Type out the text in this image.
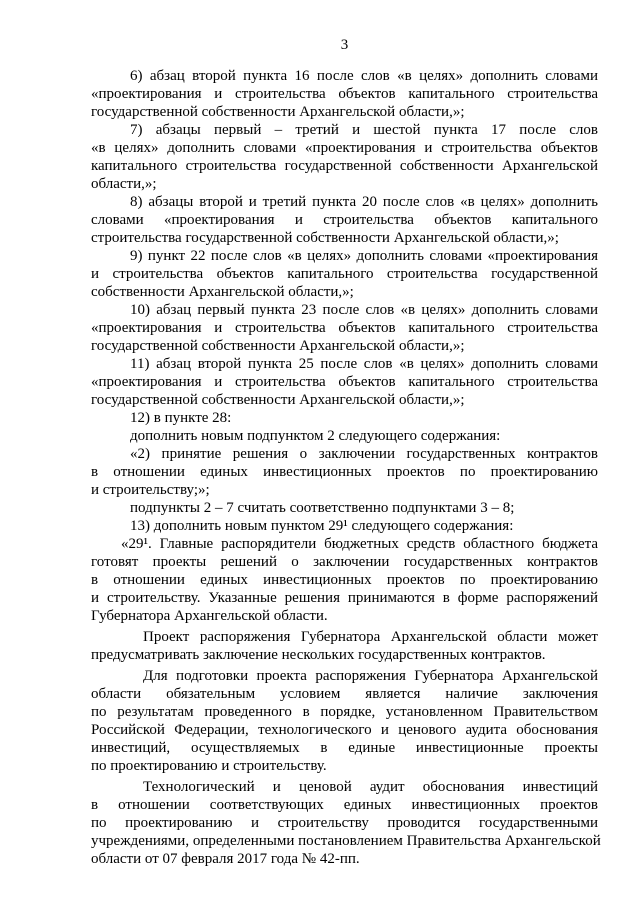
3
6) абзац второй пункта 16 после слов «в целях» дополнить словами
«проектирования и строительства объектов капитального строительства
государственной собственности Архангельской области,»;
7) абзацы первый – третий и шестой пункта 17 после слов
«в целях» дополнить словами «проектирования и строительства объектов
капитального строительства государственной собственности Архангельской
области,»;
8) абзацы второй и третий пункта 20 после слов «в целях» дополнить
словами «проектирования и строительства объектов капитального
строительства государственной собственности Архангельской области,»;
9) пункт 22 после слов «в целях» дополнить словами «проектирования
и строительства объектов капитального строительства государственной
собственности Архангельской области,»;
10) абзац первый пункта 23 после слов «в целях» дополнить словами
«проектирования и строительства объектов капитального строительства
государственной собственности Архангельской области,»;
11) абзац второй пункта 25 после слов «в целях» дополнить словами
«проектирования и строительства объектов капитального строительства
государственной собственности Архангельской области,»;
12) в пункте 28:
дополнить новым подпунктом 2 следующего содержания:
«2) принятие решения о заключении государственных контрактов
в отношении единых инвестиционных проектов по проектированию
и строительству;»;
подпункты 2 – 7 считать соответственно подпунктами 3 – 8;
13) дополнить новым пунктом 29¹ следующего содержания:
«29¹. Главные распорядители бюджетных средств областного бюджета
готовят проекты решений о заключении государственных контрактов
в отношении единых инвестиционных проектов по проектированию
и строительству. Указанные решения принимаются в форме распоряжений
Губернатора Архангельской области.
Проект распоряжения Губернатора Архангельской области может
предусматривать заключение нескольких государственных контрактов.
Для подготовки проекта распоряжения Губернатора Архангельской
области обязательным условием является наличие заключения
по результатам проведенного в порядке, установленном Правительством
Российской Федерации, технологического и ценового аудита обоснования
инвестиций, осуществляемых в единые инвестиционные проекты
по проектированию и строительству.
Технологический и ценовой аудит обоснования инвестиций
в отношении соответствующих единых инвестиционных проектов
по проектированию и строительству проводится государственными
учреждениями, определенными постановлением Правительства Архангельской
области от 07 февраля 2017 года № 42-пп.
